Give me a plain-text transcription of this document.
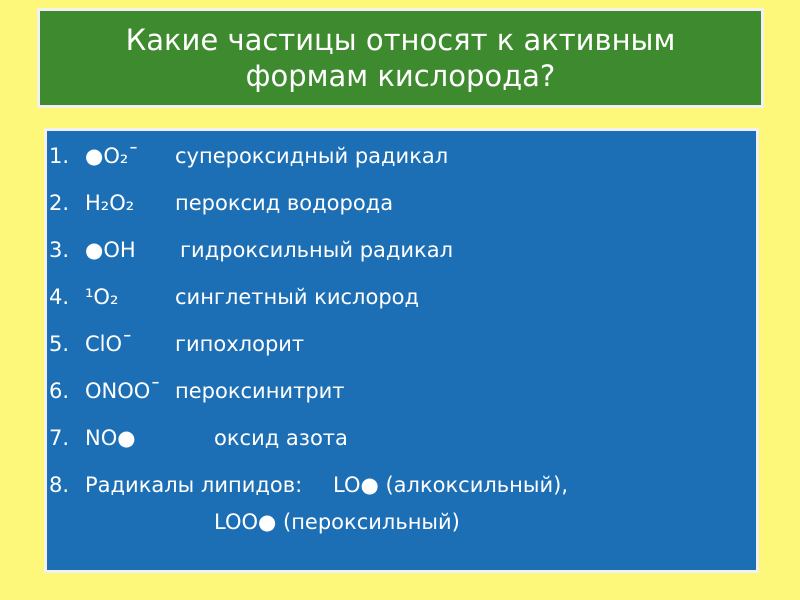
Какие частицы относят к активным
формам кислорода?
1. ●O₂¯ супероксидный радикал
2. H₂O₂ пероксид водорода
3. ●OH гидроксильный радикал
4. ¹O₂	синглетный кислород
5. ClO¯ гипохлорит
6. ONOO¯ пероксинитрит
7. NO●	оксид азота
8. Радикалы липидов: LO● (алкоксильный),
LOO● (пероксильный)
